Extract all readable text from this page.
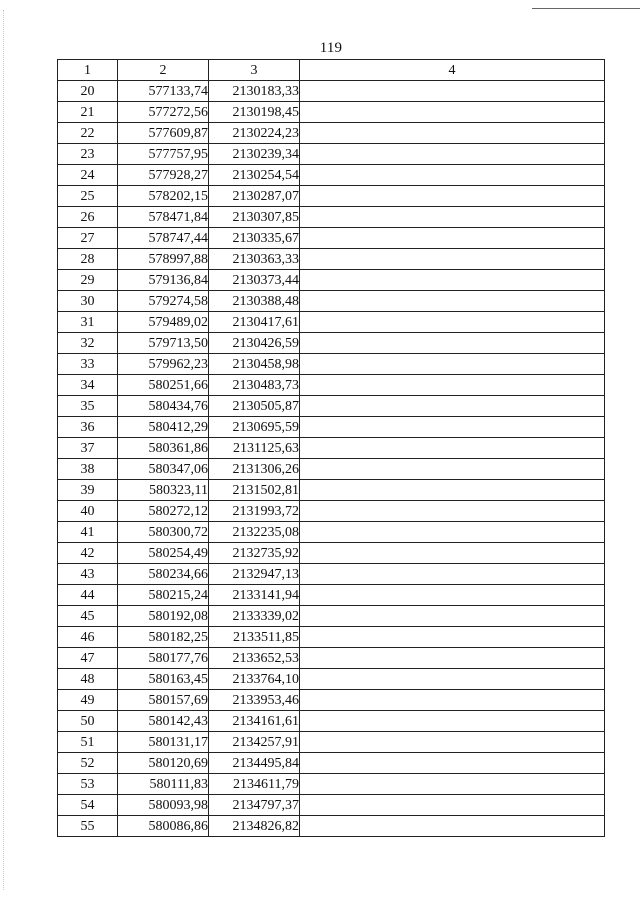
119
1	2	3	4
20	577133,74	2130183,33	
21	577272,56	2130198,45	
22	577609,87	2130224,23	
23	577757,95	2130239,34	
24	577928,27	2130254,54	
25	578202,15	2130287,07	
26	578471,84	2130307,85	
27	578747,44	2130335,67	
28	578997,88	2130363,33	
29	579136,84	2130373,44	
30	579274,58	2130388,48	
31	579489,02	2130417,61	
32	579713,50	2130426,59	
33	579962,23	2130458,98	
34	580251,66	2130483,73	
35	580434,76	2130505,87	
36	580412,29	2130695,59	
37	580361,86	2131125,63	
38	580347,06	2131306,26	
39	580323,11	2131502,81	
40	580272,12	2131993,72	
41	580300,72	2132235,08	
42	580254,49	2132735,92	
43	580234,66	2132947,13	
44	580215,24	2133141,94	
45	580192,08	2133339,02	
46	580182,25	2133511,85	
47	580177,76	2133652,53	
48	580163,45	2133764,10	
49	580157,69	2133953,46	
50	580142,43	2134161,61	
51	580131,17	2134257,91	
52	580120,69	2134495,84	
53	580111,83	2134611,79	
54	580093,98	2134797,37	
55	580086,86	2134826,82	
